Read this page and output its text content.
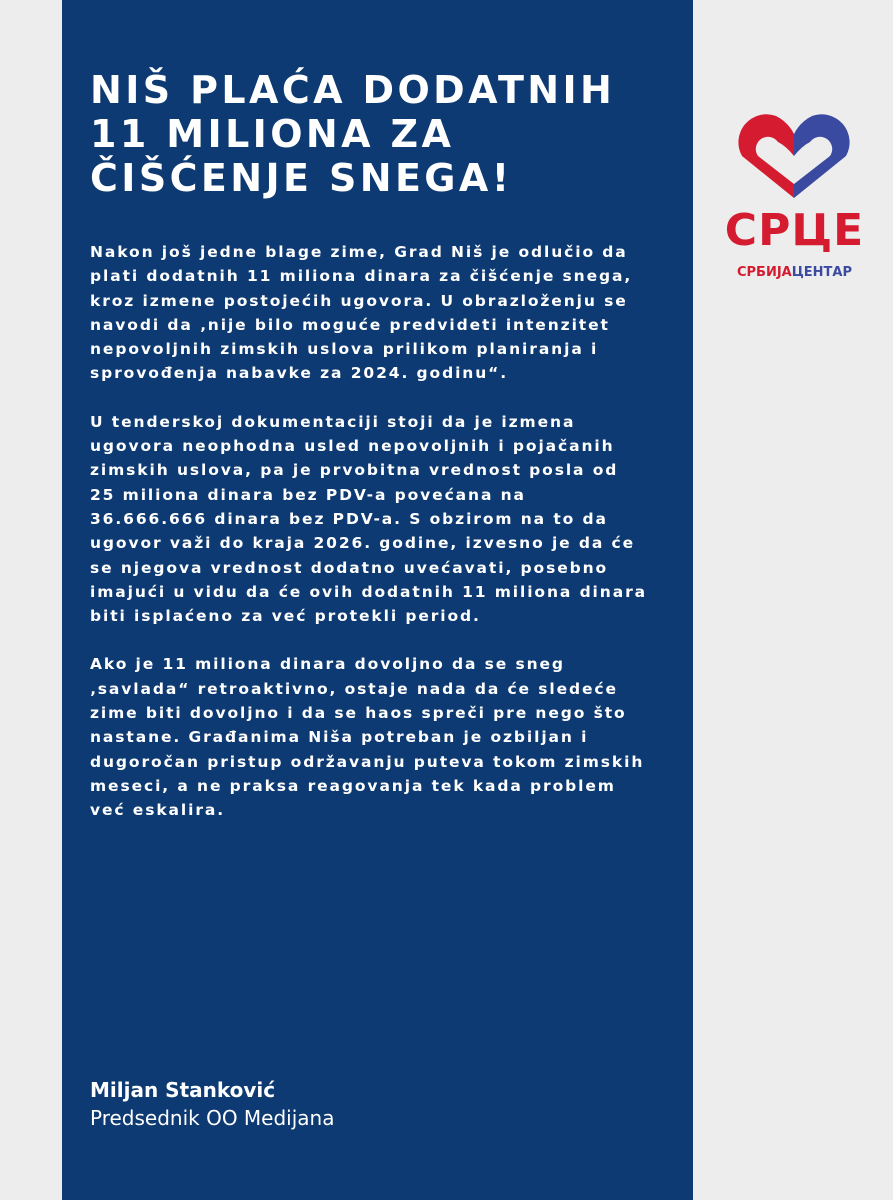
NIŠ PLAĆA DODATNIH 11 MILIONA ZA ČIŠĆENJE SNEGA!

Nakon još jedne blage zime, Grad Niš je odlučio da plati dodatnih 11 miliona dinara za čišćenje snega, kroz izmene postojećih ugovora. U obrazloženju se navodi da ‚nije bilo moguće predvideti intenzitet nepovoljnih zimskih uslova prilikom planiranja i sprovođenja nabavke za 2024. godinu“.

U tenderskoj dokumentaciji stoji da je izmena ugovora neophodna usled nepovoljnih i pojačanih zimskih uslova, pa je prvobitna vrednost posla od 25 miliona dinara bez PDV-a povećana na 36.666.666 dinara bez PDV-a. S obzirom na to da ugovor važi do kraja 2026. godine, izvesno je da će se njegova vrednost dodatno uvećavati, posebno imajući u vidu da će ovih dodatnih 11 miliona dinara biti isplaćeno za već protekli period.

Ako je 11 miliona dinara dovoljno da se sneg ‚savlada“ retroaktivno, ostaje nada da će sledeće zime biti dovoljno i da se haos spreči pre nego što nastane. Građanima Niša potreban je ozbiljan i dugoročan pristup održavanju puteva tokom zimskih meseci, a ne praksa reagovanja tek kada problem već eskalira.

Miljan Stanković
Predsednik OO Medijana
СРЦЕ
СРБИЈАЦЕНТАР
